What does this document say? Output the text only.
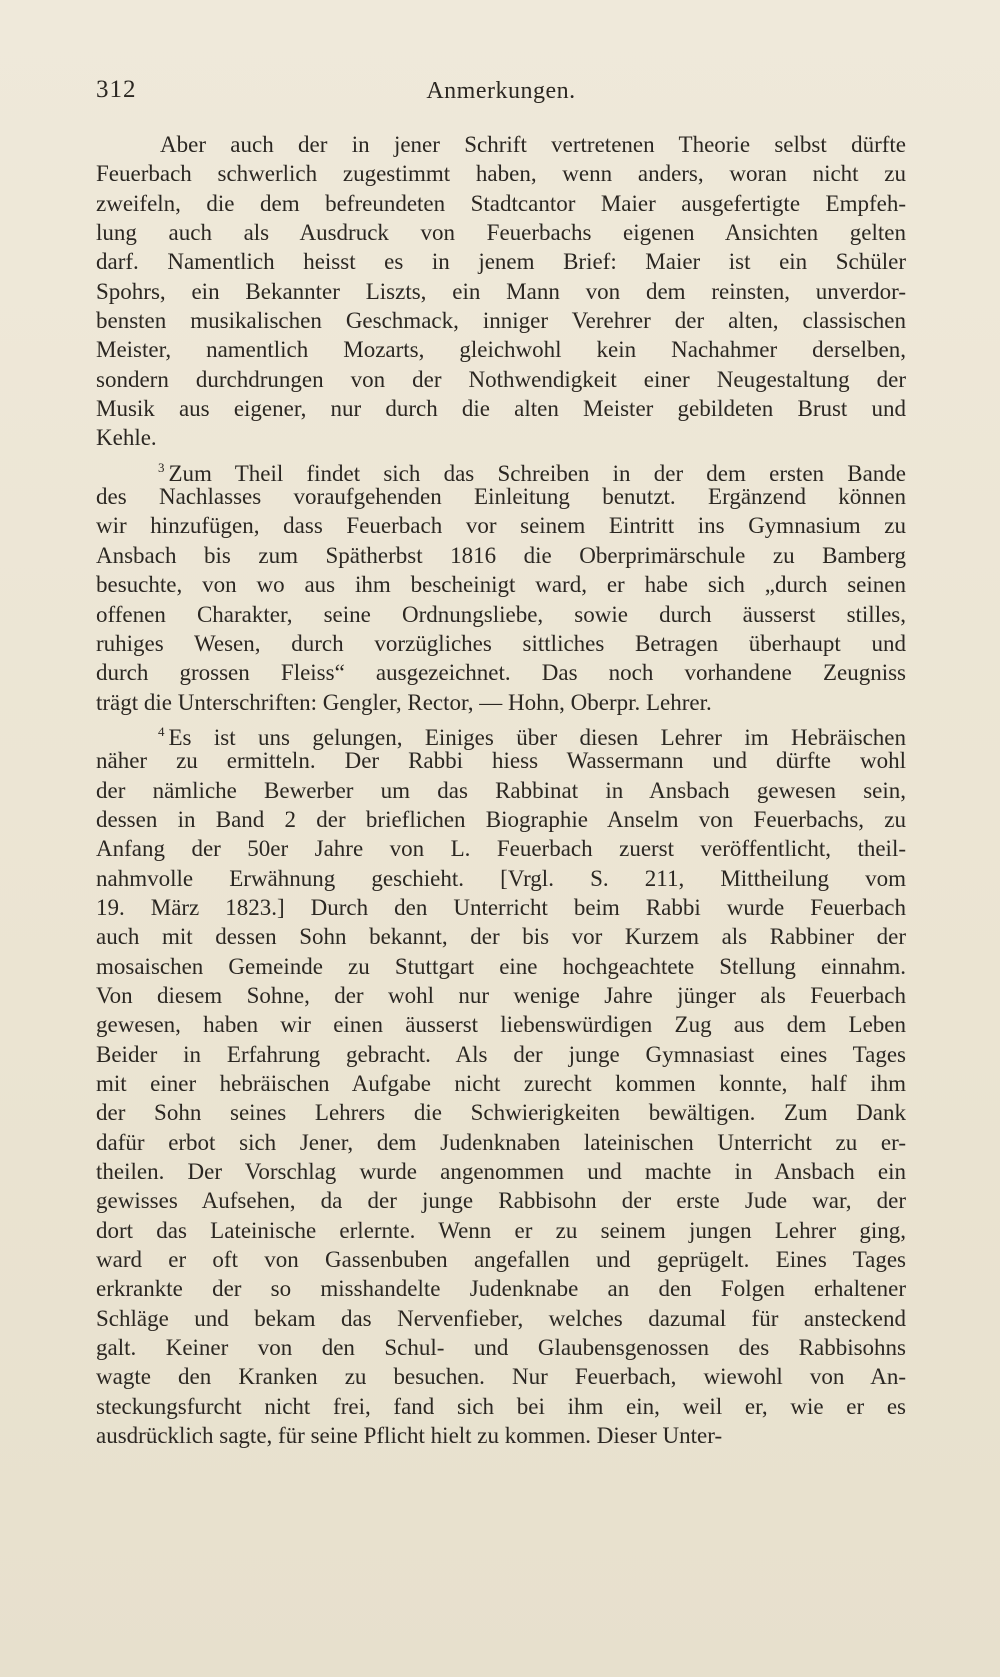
312	Anmerkungen.
Aber auch der in jener Schrift vertretenen Theorie selbst dürfte
Feuerbach schwerlich zugestimmt haben, wenn anders, woran nicht zu
zweifeln, die dem befreundeten Stadtcantor Maier ausgefertigte Empfeh-
lung auch als Ausdruck von Feuerbachs eigenen Ansichten gelten
darf. Namentlich heisst es in jenem Brief: Maier ist ein Schüler
Spohrs, ein Bekannter Liszts, ein Mann von dem reinsten, unverdor-
bensten musikalischen Geschmack, inniger Verehrer der alten, classischen
Meister, namentlich Mozarts, gleichwohl kein Nachahmer derselben,
sondern durchdrungen von der Nothwendigkeit einer Neugestaltung der
Musik aus eigener, nur durch die alten Meister gebildeten Brust und
Kehle.
$^3$ Zum Theil findet sich das Schreiben in der dem ersten Bande
des Nachlasses voraufgehenden Einleitung benutzt. Ergänzend können
wir hinzufügen, dass Feuerbach vor seinem Eintritt ins Gymnasium zu
Ansbach bis zum Spätherbst 1816 die Oberprimärschule zu Bamberg
besuchte, von wo aus ihm bescheinigt ward, er habe sich „durch seinen
offenen Charakter, seine Ordnungsliebe, sowie durch äusserst stilles,
ruhiges Wesen, durch vorzügliches sittliches Betragen überhaupt und
durch grossen Fleiss“ ausgezeichnet. Das noch vorhandene Zeugniss
trägt die Unterschriften: Gengler, Rector, — Hohn, Oberpr. Lehrer.
$^4$ Es ist uns gelungen, Einiges über diesen Lehrer im Hebräischen
näher zu ermitteln. Der Rabbi hiess Wassermann und dürfte wohl
der nämliche Bewerber um das Rabbinat in Ansbach gewesen sein,
dessen in Band 2 der brieflichen Biographie Anselm von Feuerbachs, zu
Anfang der 50er Jahre von L. Feuerbach zuerst veröffentlicht, theil-
nahmvolle Erwähnung geschieht. [Vrgl. S. 211, Mittheilung vom
19. März 1823.] Durch den Unterricht beim Rabbi wurde Feuerbach
auch mit dessen Sohn bekannt, der bis vor Kurzem als Rabbiner der
mosaischen Gemeinde zu Stuttgart eine hochgeachtete Stellung einnahm.
Von diesem Sohne, der wohl nur wenige Jahre jünger als Feuerbach
gewesen, haben wir einen äusserst liebenswürdigen Zug aus dem Leben
Beider in Erfahrung gebracht. Als der junge Gymnasiast eines Tages
mit einer hebräischen Aufgabe nicht zurecht kommen konnte, half ihm
der Sohn seines Lehrers die Schwierigkeiten bewältigen. Zum Dank
dafür erbot sich Jener, dem Judenknaben lateinischen Unterricht zu er-
theilen. Der Vorschlag wurde angenommen und machte in Ansbach ein
gewisses Aufsehen, da der junge Rabbisohn der erste Jude war, der
dort das Lateinische erlernte. Wenn er zu seinem jungen Lehrer ging,
ward er oft von Gassenbuben angefallen und geprügelt. Eines Tages
erkrankte der so misshandelte Judenknabe an den Folgen erhaltener
Schläge und bekam das Nervenfieber, welches dazumal für ansteckend
galt. Keiner von den Schul- und Glaubensgenossen des Rabbisohns
wagte den Kranken zu besuchen. Nur Feuerbach, wiewohl von An-
steckungsfurcht nicht frei, fand sich bei ihm ein, weil er, wie er es
ausdrücklich sagte, für seine Pflicht hielt zu kommen. Dieser Unter-
